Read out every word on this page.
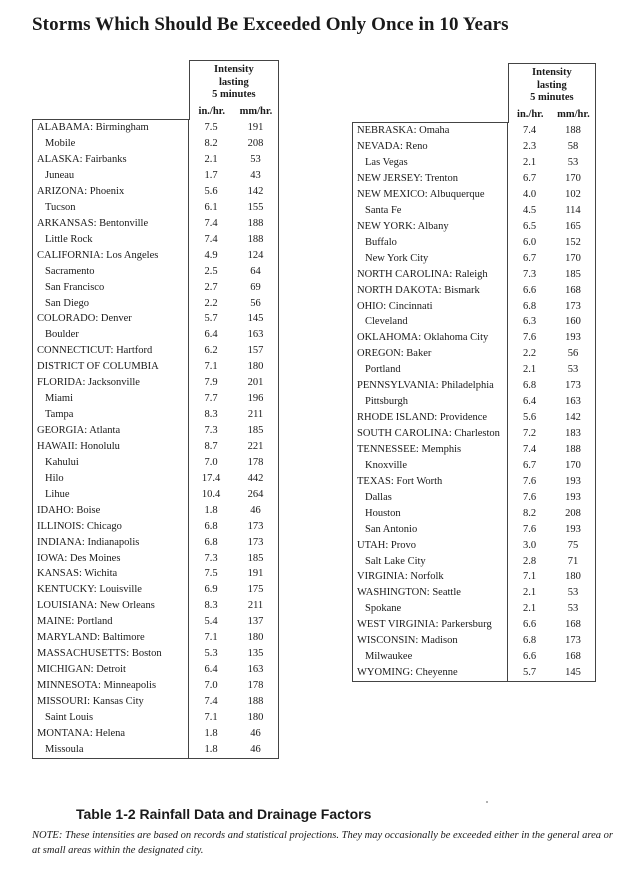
Storms Which Should Be Exceeded Only Once in 10 Years
Intensity
lasting
5 minutes
in./hr.	mm/hr.
ALABAMA: Birmingham	7.5	191
Mobile	8.2	208
ALASKA: Fairbanks	2.1	53
Juneau	1.7	43
ARIZONA: Phoenix	5.6	142
Tucson	6.1	155
ARKANSAS: Bentonville	7.4	188
Little Rock	7.4	188
CALIFORNIA: Los Angeles	4.9	124
Sacramento	2.5	64
San Francisco	2.7	69
San Diego	2.2	56
COLORADO: Denver	5.7	145
Boulder	6.4	163
CONNECTICUT: Hartford	6.2	157
DISTRICT OF COLUMBIA	7.1	180
FLORIDA: Jacksonville	7.9	201
Miami	7.7	196
Tampa	8.3	211
GEORGIA: Atlanta	7.3	185
HAWAII: Honolulu	8.7	221
Kahului	7.0	178
Hilo	17.4	442
Lihue	10.4	264
IDAHO: Boise	1.8	46
ILLINOIS: Chicago	6.8	173
INDIANA: Indianapolis	6.8	173
IOWA: Des Moines	7.3	185
KANSAS: Wichita	7.5	191
KENTUCKY: Louisville	6.9	175
LOUISIANA: New Orleans	8.3	211
MAINE: Portland	5.4	137
MARYLAND: Baltimore	7.1	180
MASSACHUSETTS: Boston	5.3	135
MICHIGAN: Detroit	6.4	163
MINNESOTA: Minneapolis	7.0	178
MISSOURI: Kansas City	7.4	188
Saint Louis	7.1	180
MONTANA: Helena	1.8	46
Missoula	1.8	46
Intensity
lasting
5 minutes
in./hr.	mm/hr.
NEBRASKA: Omaha	7.4	188
NEVADA: Reno	2.3	58
Las Vegas	2.1	53
NEW JERSEY: Trenton	6.7	170
NEW MEXICO: Albuquerque	4.0	102
Santa Fe	4.5	114
NEW YORK: Albany	6.5	165
Buffalo	6.0	152
New York City	6.7	170
NORTH CAROLINA: Raleigh	7.3	185
NORTH DAKOTA: Bismark	6.6	168
OHIO: Cincinnati	6.8	173
Cleveland	6.3	160
OKLAHOMA: Oklahoma City	7.6	193
OREGON: Baker	2.2	56
Portland	2.1	53
PENNSYLVANIA: Philadelphia	6.8	173
Pittsburgh	6.4	163
RHODE ISLAND: Providence	5.6	142
SOUTH CAROLINA: Charleston	7.2	183
TENNESSEE: Memphis	7.4	188
Knoxville	6.7	170
TEXAS: Fort Worth	7.6	193
Dallas	7.6	193
Houston	8.2	208
San Antonio	7.6	193
UTAH: Provo	3.0	75
Salt Lake City	2.8	71
VIRGINIA: Norfolk	7.1	180
WASHINGTON: Seattle	2.1	53
Spokane	2.1	53
WEST VIRGINIA: Parkersburg	6.6	168
WISCONSIN: Madison	6.8	173
Milwaukee	6.6	168
WYOMING: Cheyenne	5.7	145
Table 1-2 Rainfall Data and Drainage Factors
NOTE: These intensities are based on records and statistical projections. They may occasionally be exceeded either in the general area or at small areas within the designated city.
